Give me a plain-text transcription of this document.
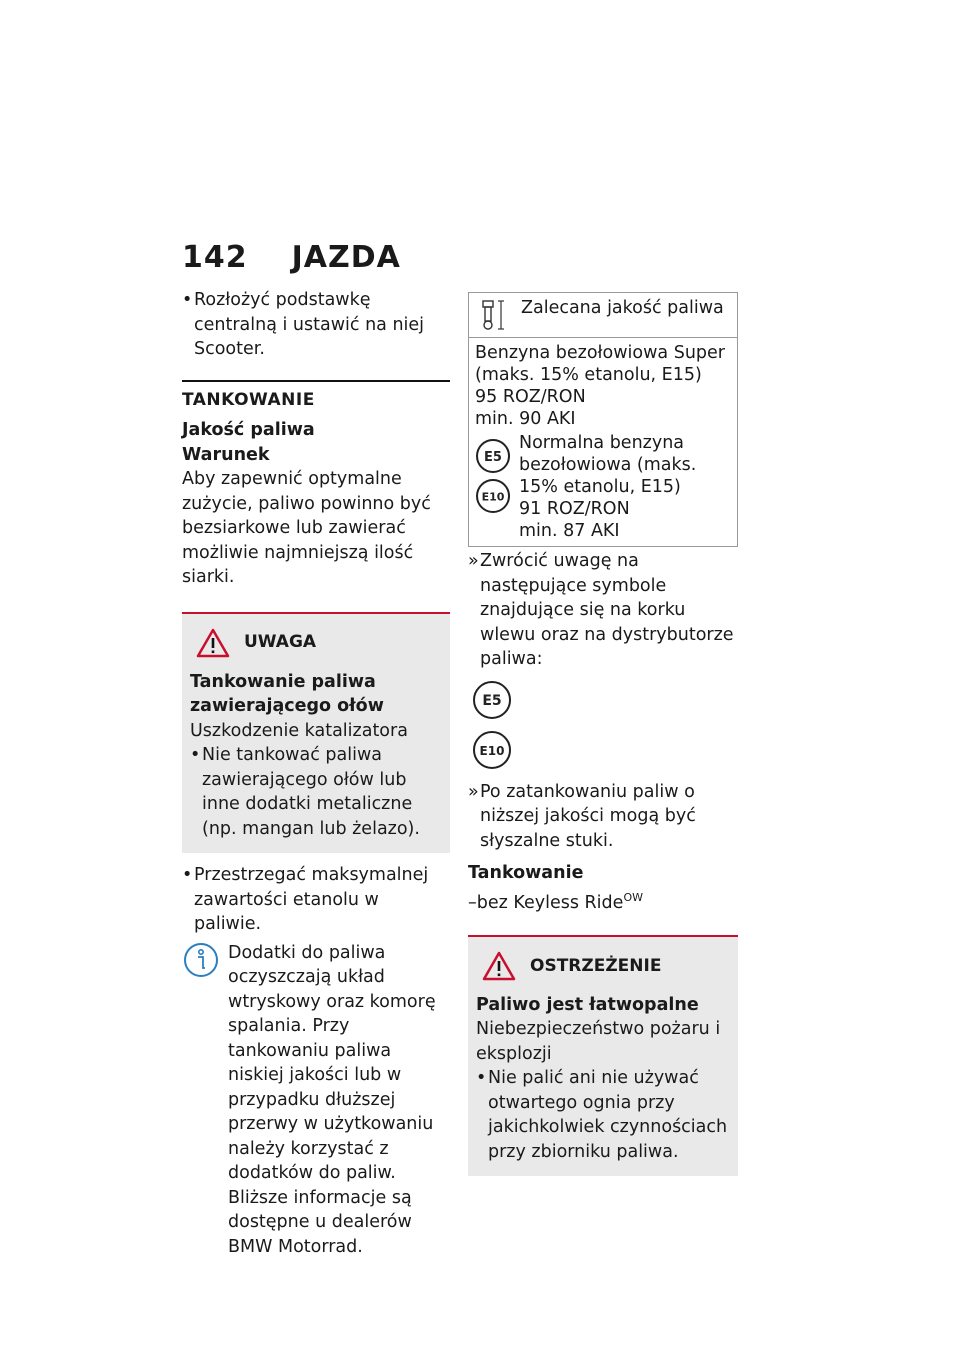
142 JAZDA
• Rozłożyć podstawkę centralną i ustawić na niej Scooter.
TANKOWANIE
Jakość paliwa
Warunek
Aby zapewnić optymalne zużycie, paliwo powinno być bezsiarkowe lub zawierać możliwie najmniejszą ilość siarki.
UWAGA
Tankowanie paliwa zawierającego ołów
Uszkodzenie katalizatora
• Nie tankować paliwa zawierającego ołów lub inne dodatki metaliczne (np. mangan lub żelazo).
• Przestrzegać maksymalnej zawartości etanolu w paliwie.
Dodatki do paliwa oczyszczają układ wtryskowy oraz komorę spalania. Przy tankowaniu paliwa niskiej jakości lub w przypadku dłuższej przerwy w użytkowaniu należy korzystać z dodatków do paliw. Bliższe informacje są dostępne u dealerów BMW Motorrad.
Zalecana jakość paliwa

Benzyna bezołowiowa Super (maks. 15% etanolu, E15)
95 ROZ/RON
min. 90 AKI
E5
E10
Normalna benzyna bezołowiowa (maks. 15% etanolu, E15)
91 ROZ/RON
min. 87 AKI
» Zwrócić uwagę na następujące symbole znajdujące się na korku wlewu oraz na dystrybutorze paliwa:
E5
E10
» Po zatankowaniu paliw o niższej jakości mogą być słyszalne stuki.
Tankowanie
–bez Keyless Ride$^{OW}$
OSTRZEŻENIE
Paliwo jest łatwopalne
Niebezpieczeństwo pożaru i eksplozji
• Nie palić ani nie używać otwartego ognia przy jakichkolwiek czynnościach przy zbiorniku paliwa.
